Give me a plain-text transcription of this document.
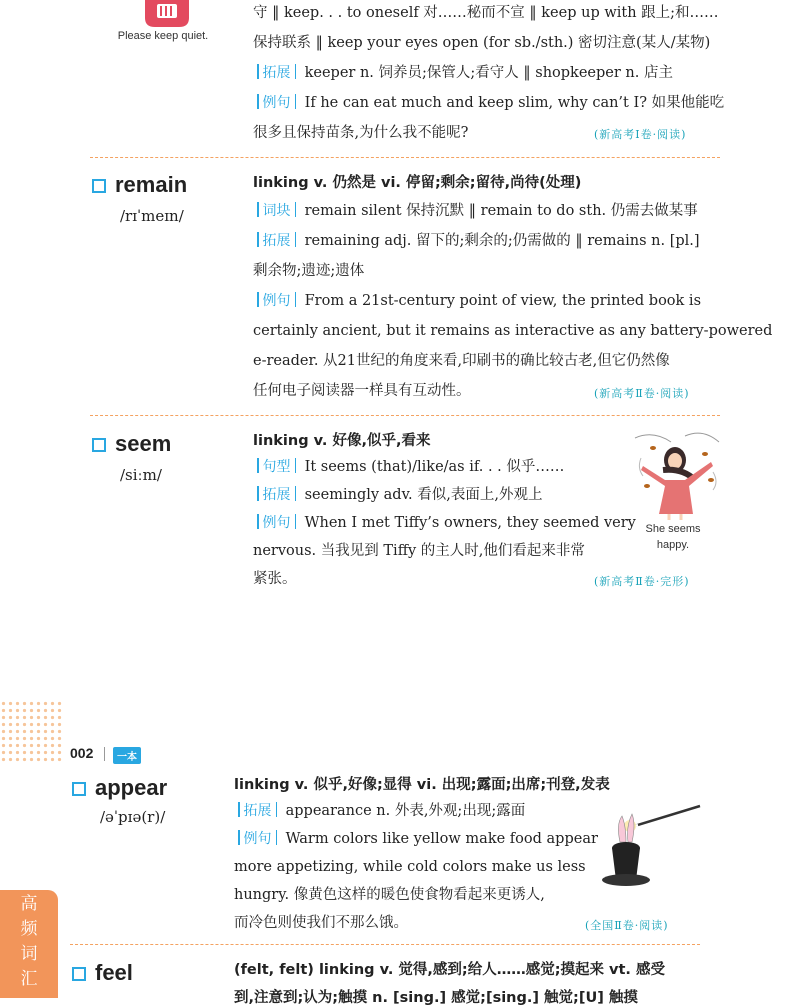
Please keep quiet.
守 ‖ keep. . . to oneself 对……秘而不宣 ‖ keep up with 跟上;和……
保持联系 ‖ keep your eyes open (for sb./sth.) 密切注意(某人/某物)
拓展 keeper n. 饲养员;保管人;看守人 ‖ shopkeeper n. 店主
例句 If he can eat much and keep slim, why can’t I? 如果他能吃
很多且保持苗条,为什么我不能呢?	(新高考Ⅰ卷·阅读)
remain
/rɪˈmeɪn/
linking v. 仍然是 vi. 停留;剩余;留待,尚待(处理)
词块 remain silent 保持沉默 ‖ remain to do sth. 仍需去做某事
拓展 remaining adj. 留下的;剩余的;仍需做的 ‖ remains n. [pl.]
剩余物;遗迹;遗体
例句 From a 21st-century point of view, the printed book is
certainly ancient, but it remains as interactive as any battery-powered
e-reader. 从21世纪的角度来看,印刷书的确比较古老,但它仍然像
任何电子阅读器一样具有互动性。	(新高考Ⅱ卷·阅读)
seem
/siːm/
linking v. 好像,似乎,看来
句型 It seems (that)/like/as if. . . 似乎……
拓展 seemingly adv. 看似,表面上,外观上
例句 When I met Tiffy’s owners, they seemed very
nervous. 当我见到 Tiffy 的主人时,他们看起来非常
紧张。	(新高考Ⅱ卷·完形)
She seems
happy.
002	一本
appear
/əˈpɪə(r)/
linking v. 似乎,好像;显得 vi. 出现;露面;出席;刊登,发表
拓展 appearance n. 外表,外观;出现;露面
例句 Warm colors like yellow make food appear
more appetizing, while cold colors make us less
hungry. 像黄色这样的暖色使食物看起来更诱人,
而冷色则使我们不那么饿。	(全国Ⅱ卷·阅读)
feel	(felt, felt) linking v. 觉得,感到;给人……感觉;摸起来 vt. 感受
到,注意到;认为;触摸 n. [sing.] 感觉;[sing.] 触觉;[U] 触摸
高
频
词
汇
